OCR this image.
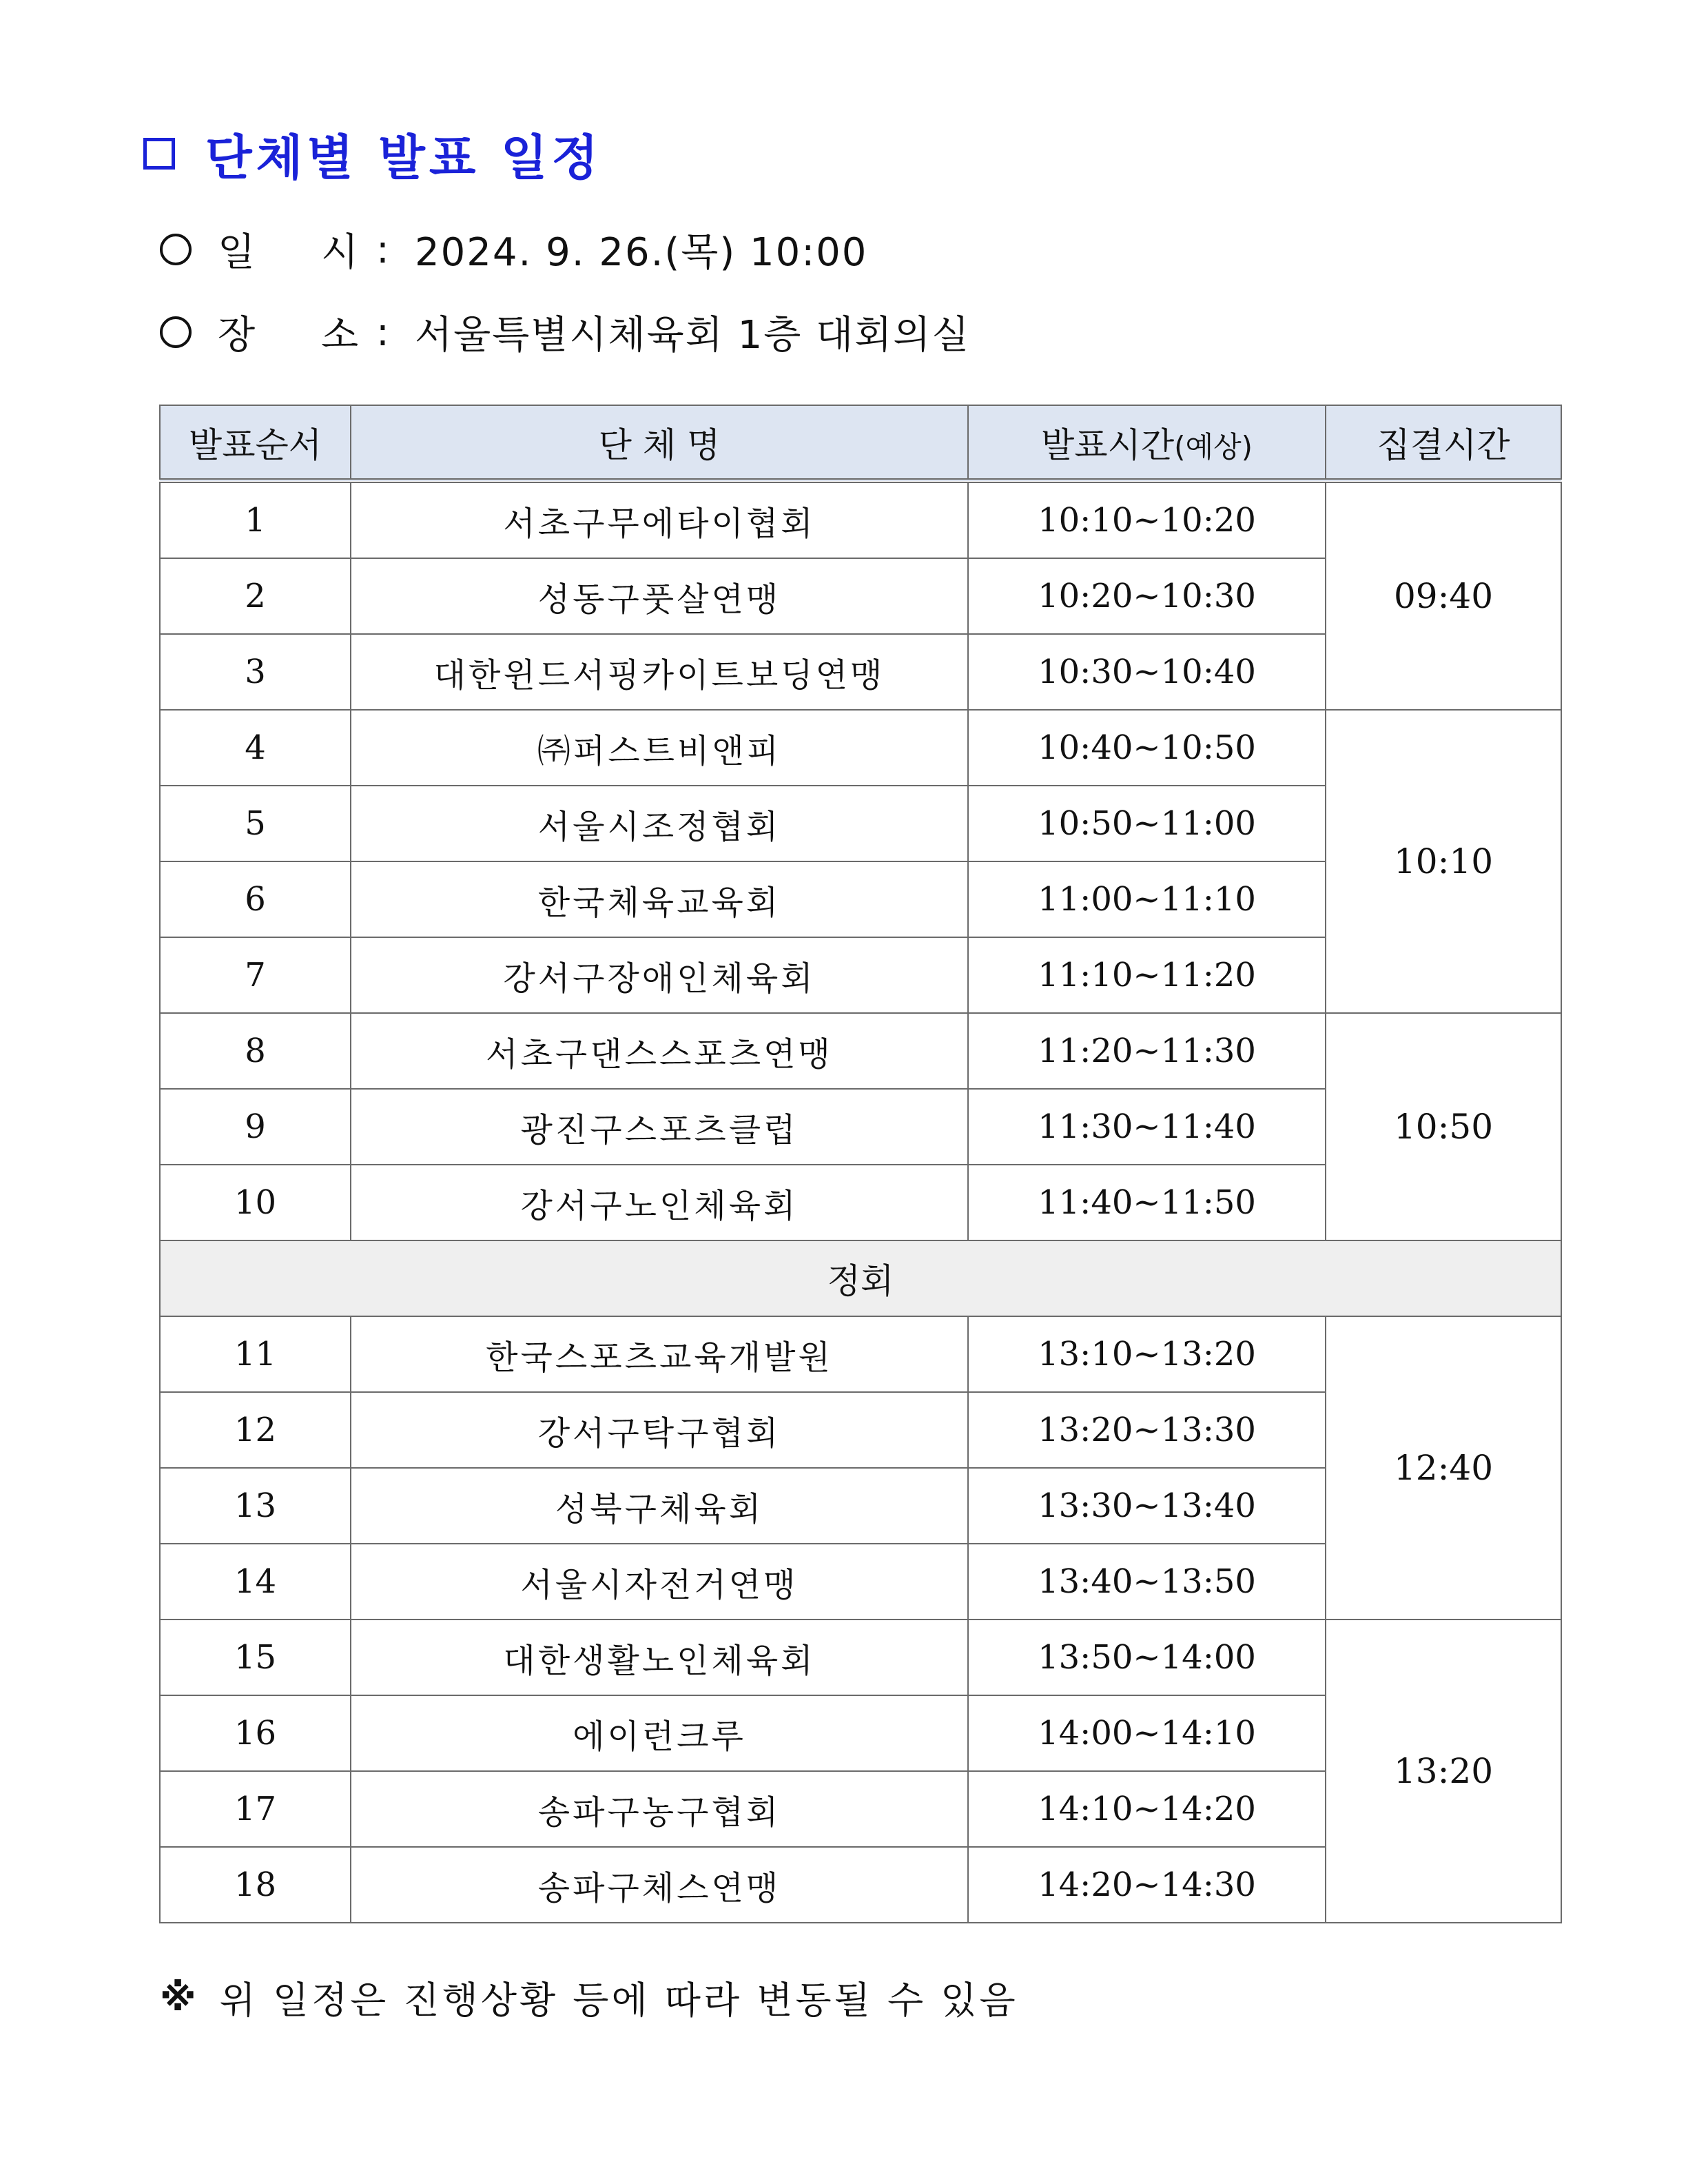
단체별 발표 일정
일	시 : 2024. 9. 26.(목) 10:00
장	소 : 서울특별시체육회 1층 대회의실
발표순서	단 체 명	발표시간(예상)	집결시간
1	서초구무에타이협회	10:10~10:20	09:40
2	성동구풋살연맹	10:20~10:30	
3	대한윈드서핑카이트보딩연맹	10:30~10:40	
4	㈜퍼스트비앤피	10:40~10:50	10:10
5	서울시조정협회	10:50~11:00	
6	한국체육교육회	11:00~11:10	
7	강서구장애인체육회	11:10~11:20	
8	서초구댄스스포츠연맹	11:20~11:30	10:50
9	광진구스포츠클럽	11:30~11:40	
10	강서구노인체육회	11:40~11:50	
정회			
11	한국스포츠교육개발원	13:10~13:20	12:40
12	강서구탁구협회	13:20~13:30	
13	성북구체육회	13:30~13:40	
14	서울시자전거연맹	13:40~13:50	
15	대한생활노인체육회	13:50~14:00	13:20
16	에이런크루	14:00~14:10	
17	송파구농구협회	14:10~14:20	
18	송파구체스연맹	14:20~14:30	
※ 위 일정은 진행상황 등에 따라 변동될 수 있음
